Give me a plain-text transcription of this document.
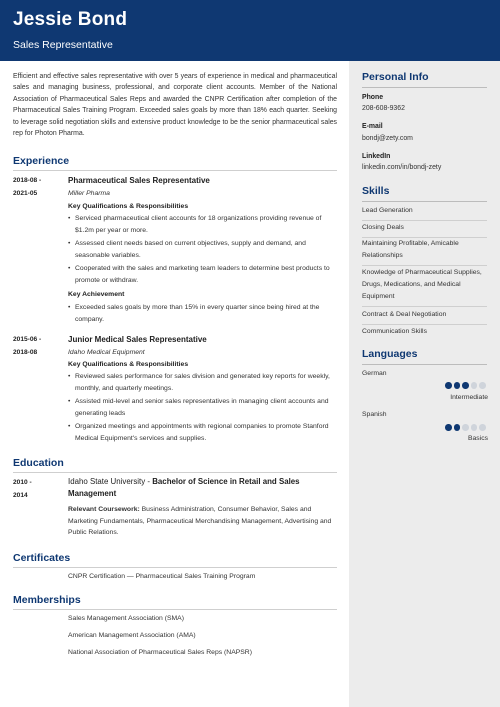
Jessie Bond
Sales Representative

Efficient and effective sales representative with over 5 years of experience in medical and pharmaceutical sales and managing business, professional, and corporate client accounts. Member of the National Association of Pharmaceutical Sales Reps and awarded the CNPR Certification after completion of the Pharmaceutical Sales Training Program. Exceeded sales goals by more than 18% each quarter. Seeking to leverage solid negotiation skills and extensive product knowledge to be the senior pharmaceutical sales rep for Photon Pharma.

Experience
2018-08 -
2021-05
Pharmaceutical Sales Representative
Miller Pharma
Key Qualifications & Responsibilities
• Serviced pharmaceutical client accounts for 18 organizations providing revenue of $1.2m per year or more.
• Assessed client needs based on current objectives, supply and demand, and seasonable variables.
• Cooperated with the sales and marketing team leaders to determine best products to promote or withdraw.
Key Achievement
• Exceeded sales goals by more than 15% in every quarter since being hired at the company.
2015-06 -
2018-08
Junior Medical Sales Representative
Idaho Medical Equipment
Key Qualifications & Responsibilities
• Reviewed sales performance for sales division and generated key reports for weekly, monthly, and quarterly meetings.
• Assisted mid-level and senior sales representatives in managing client accounts and generating leads
• Organized meetings and appointments with regional companies to promote Stanford Medical Equipment's services and supplies.
Education
2010 -
2014
Idaho State University - Bachelor of Science in Retail and Sales Management
Relevant Coursework: Business Administration, Consumer Behavior, Sales and Marketing Fundamentals, Pharmaceutical Merchandising Management, Advertising and Public Relations.
Certificates
CNPR Certification — Pharmaceutical Sales Training Program
Memberships
Sales Management Association (SMA)
American Management Association (AMA)
National Association of Pharmaceutical Sales Reps (NAPSR)
Personal Info
Phone
208-608-9362
E-mail
bondj@zety.com
LinkedIn
linkedin.com/in/bondj-zety
Skills
Lead Generation
Closing Deals
Maintaining Profitable, Amicable Relationships
Knowledge of Pharmaceutical Supplies, Drugs, Medications, and Medical Equipment
Contract & Deal Negotiation
Communication Skills
Languages
German
Intermediate
Spanish
Basics
